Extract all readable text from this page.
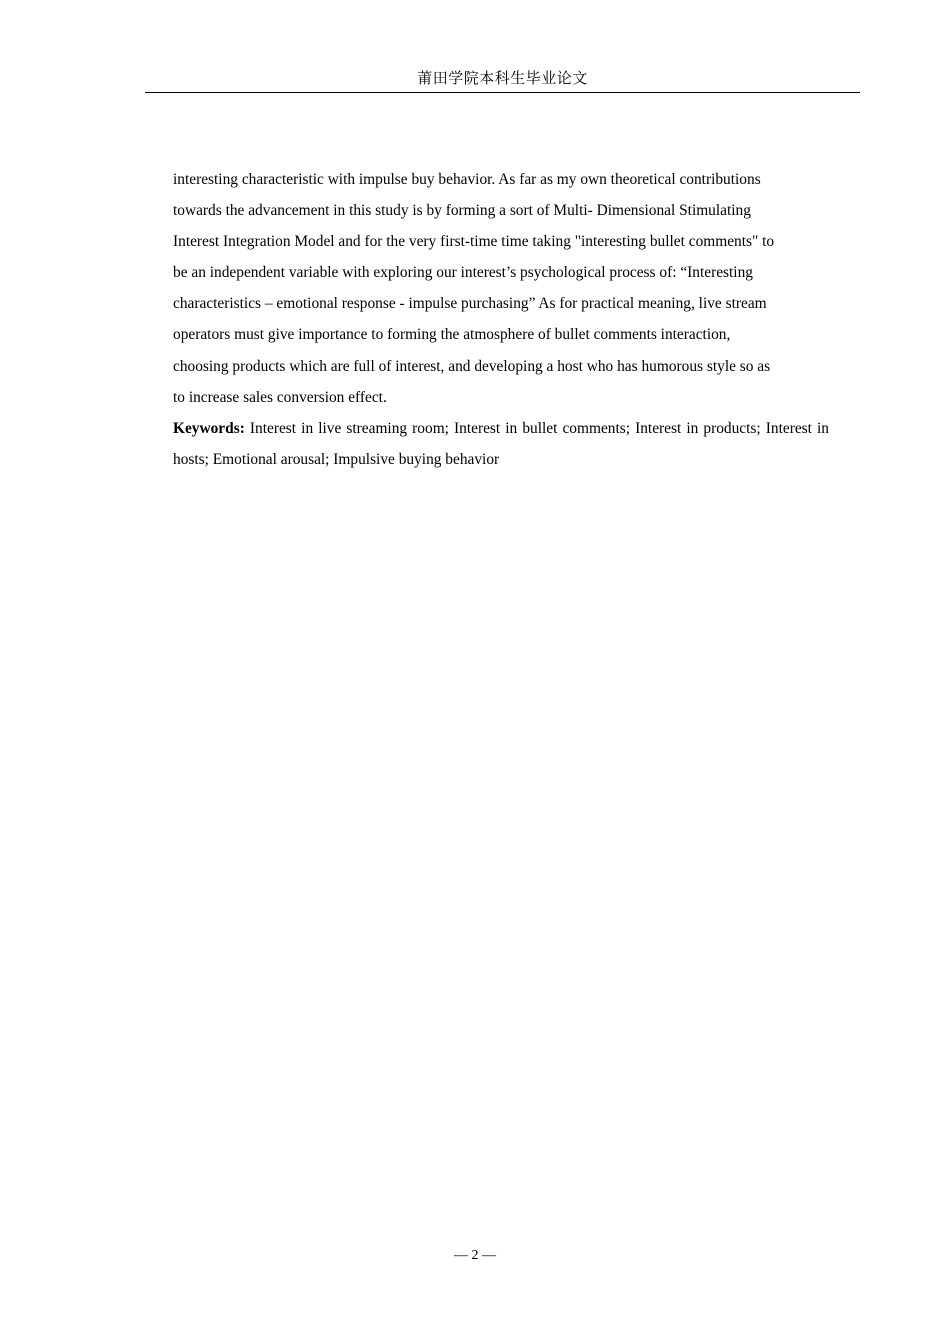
莆田学院本科生毕业论文

interesting characteristic with impulse buy behavior. As far as my own theoretical contributions
towards the advancement in this study is by forming a sort of Multi- Dimensional Stimulating
Interest Integration Model and for the very first-time time taking "interesting bullet comments" to
be an independent variable with exploring our interest’s psychological process of: “Interesting
characteristics – emotional response - impulse purchasing” As for practical meaning, live stream
operators must give importance to forming the atmosphere of bullet comments interaction,
choosing products which are full of interest, and developing a host who has humorous style so as
to increase sales conversion effect.

Keywords: Interest in live streaming room; Interest in bullet comments; Interest in products; Interest in hosts; Emotional arousal; Impulsive buying behavior

— 2 —
